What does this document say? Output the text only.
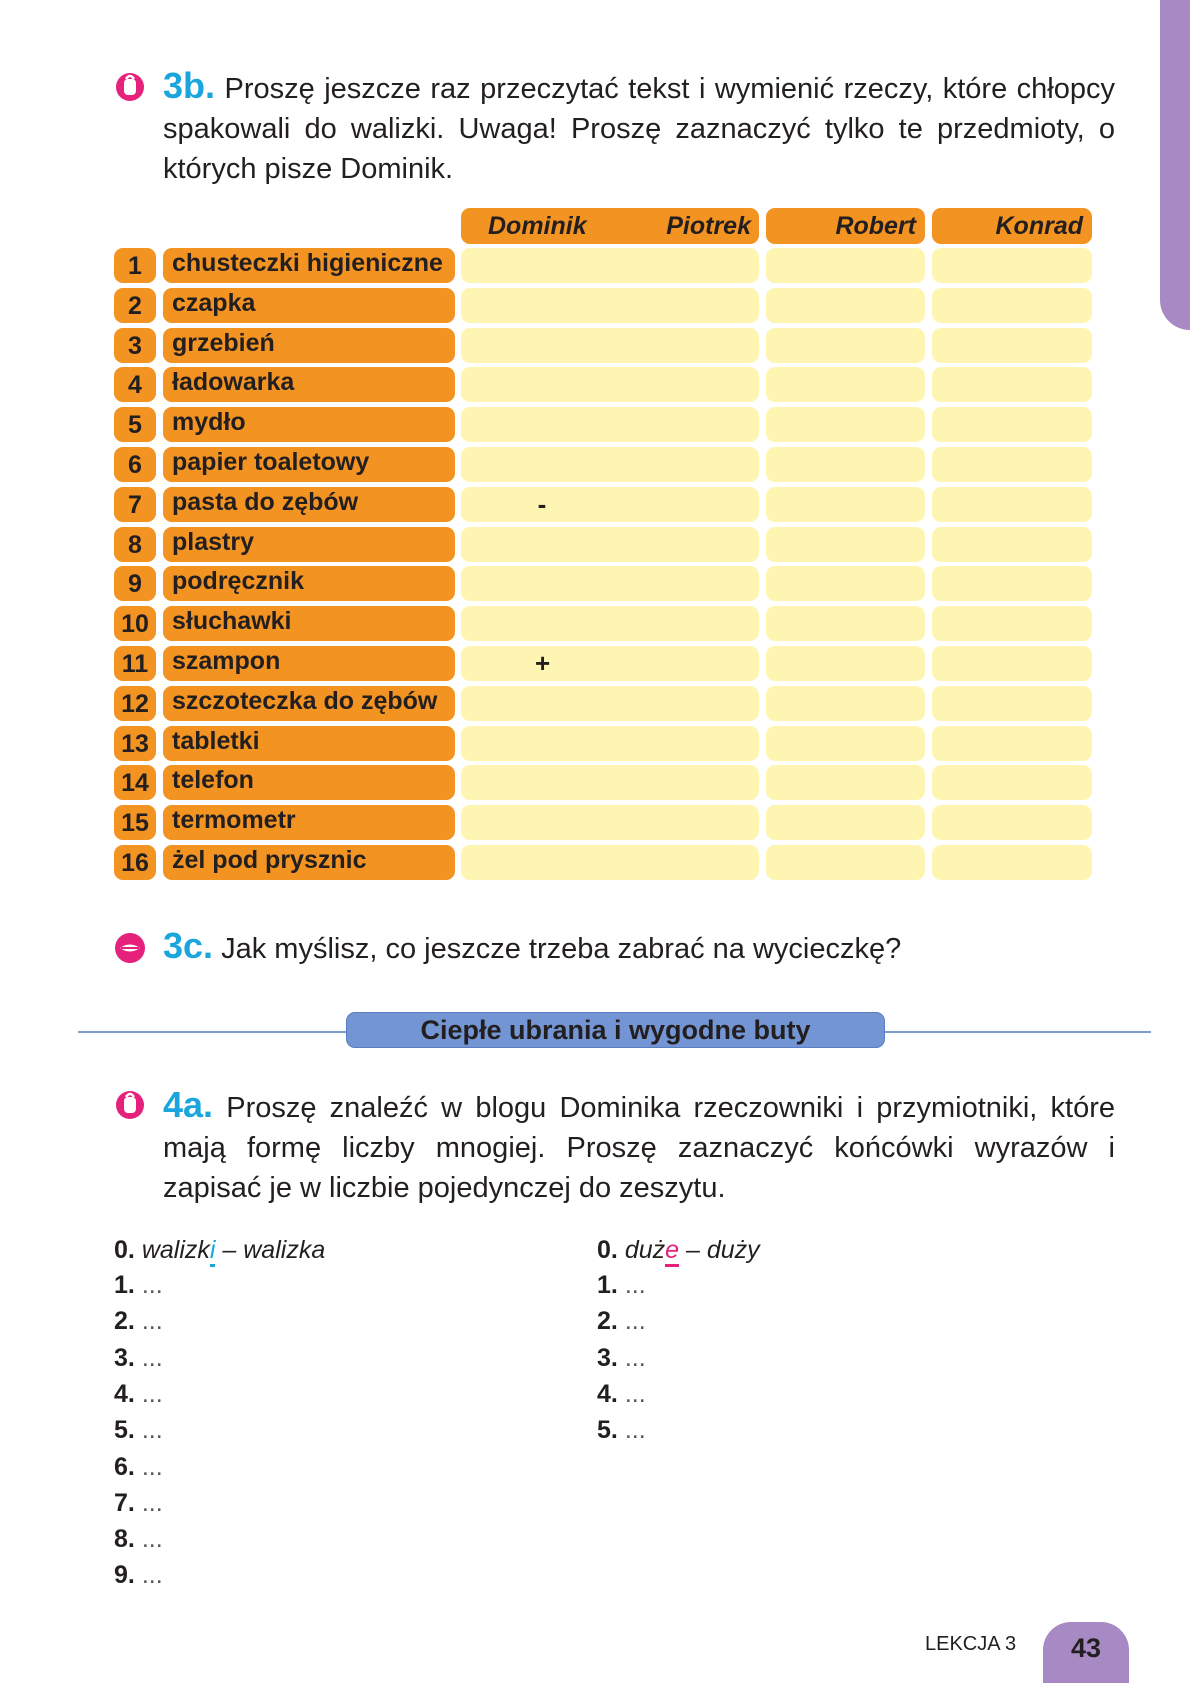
3b. Proszę jeszcze raz przeczytać tekst i wymienić rzeczy, które chłopcy spakowali do walizki. Uwaga! Proszę zaznaczyć tylko te przedmioty, o których pisze Dominik.
Dominik	Piotrek	Robert	Konrad
1	chusteczki higieniczne
2	czapka
3	grzebień
4	ładowarka
5	mydło
6	papier toaletowy
7	pasta do zębów	-
8	plastry
9	podręcznik
10 słuchawki
11 szampon	+
12 szczoteczka do zębów
13 tabletki
14 telefon
15 termometr
16 żel pod prysznic
3c. Jak myślisz, co jeszcze trzeba zabrać na wycieczkę?
Ciepłe ubrania i wygodne buty
4a. Proszę znaleźć w blogu Dominika rzeczowniki i przymiotniki, które mają formę liczby mnogiej. Proszę zaznaczyć końcówki wyrazów i zapisać je w liczbie pojedynczej do zeszytu.
0. walizki – walizka
1. ...
2. ...
3. ...
4. ...
5. ...
6. ...
7. ...
8. ...
9. ...
0. duże – duży
1. ...
2. ...
3. ...
4. ...
5. ...
LEKCJA 3	43
